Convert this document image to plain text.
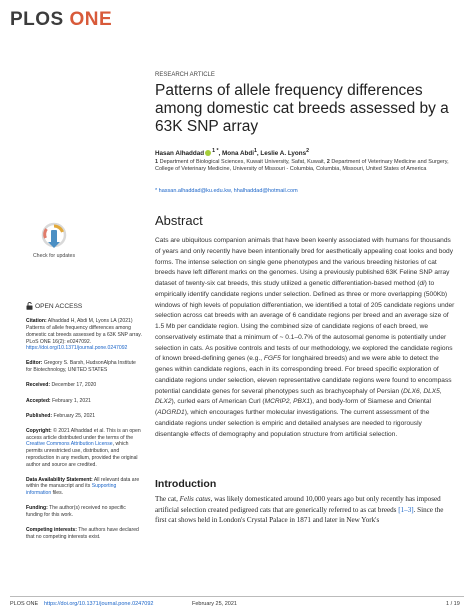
PLOS ONE
RESEARCH ARTICLE
Patterns of allele frequency differences among domestic cat breeds assessed by a 63K SNP array
Hasan Alhaddad $^{1 *}$, Mona Abdi$^1$, Leslie A. Lyons$^2$
1 Department of Biological Sciences, Kuwait University, Safat, Kuwait, 2 Department of Veterinary Medicine and Surgery, College of Veterinary Medicine, University of Missouri - Columbia, Columbia, Missouri, United States of America
* hassan.alhaddad@ku.edu.kw, hhalhaddad@hotmail.com
Abstract
Cats are ubiquitous companion animals that have been keenly associated with humans for thousands of years and only recently have been intentionally bred for aesthetically appealing coat looks and body forms. The intense selection on single gene phenotypes and the various breeding histories of cat breeds have left different marks on the genomes. Using a previously published 63K Feline SNP array dataset of twenty-six cat breeds, this study utilized a genetic differentiation-based method (di) to empirically identify candidate regions under selection. Defined as three or more overlapping (500Kb) windows of high levels of population differentiation, we identified a total of 205 candidate regions under selection across cat breeds with an average of 6 candidate regions per breed and an average size of 1.5 Mb per candidate region. Using the combined size of candidate regions of each breed, we conservatively estimate that a minimum of ~ 0.1–0.7% of the autosomal genome is potentially under selection in cats. As positive controls and tests of our methodology, we explored the candidate regions of known breed-defining genes (e.g., FGF5 for longhaired breeds) and we were able to detect the genes within candidate regions, each in its corresponding breed. For breed specific exploration of candidate regions under selection, eleven representative candidate regions were found to encompass potential candidate genes for several phenotypes such as brachycephaly of Persian (DLX6, DLX5, DLX2), curled ears of American Curl (MCRIP2, PBX1), and body-form of Siamese and Oriental (ADGRD1), which encourages further molecular investigations. The current assessment of the candidate regions under selection is empiric and detailed analyses are needed to rigorously disentangle effects of demography and population structure from artificial selection.
Check for updates

OPEN ACCESS

Citation: Alhaddad H, Abdi M, Lyons LA (2021) Patterns of allele frequency differences among domestic cat breeds assessed by a 63K SNP array. PLoS ONE 16(2): e0247092. https://doi.org/10.1371/journal.pone.0247092

Editor: Gregory S. Barsh, HudsonAlpha Institute for Biotechnology, UNITED STATES

Received: December 17, 2020

Accepted: February 1, 2021

Published: February 25, 2021

Copyright: © 2021 Alhaddad et al. This is an open access article distributed under the terms of the Creative Commons Attribution License, which permits unrestricted use, distribution, and reproduction in any medium, provided the original author and source are credited.

Data Availability Statement: All relevant data are within the manuscript and its Supporting information files.

Funding: The author(s) received no specific funding for this work.

Competing interests: The authors have declared that no competing interests exist.

Introduction
The cat, Felis catus, was likely domesticated around 10,000 years ago but only recently has imposed artificial selection created pedigreed cats that are generically referred to as cat breeds [1–3]. Since the first cat shows held in London's Crystal Palace in 1871 and later in New York's
PLOS ONE https://doi.org/10.1371/journal.pone.0247092	February 25, 2021	1 / 19
